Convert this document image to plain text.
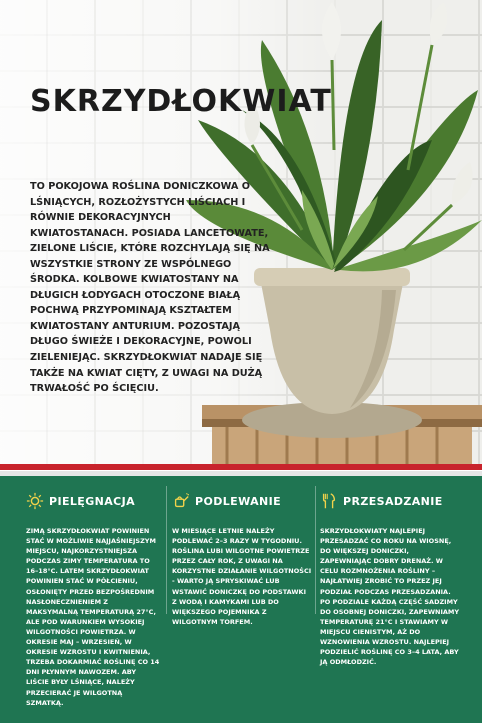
SKRZYDŁOKWIAT

TO POKOJOWA ROŚLINA DONICZKOWA O LŚNIĄCYCH, ROZŁOŻYSTYCH LIŚCIACH I RÓWNIE DEKORACYJNYCH KWIATOSTANACH. POSIADA LANCETOWATE, ZIELONE LIŚCIE, KTÓRE ROZCHYLAJĄ SIĘ NA WSZYSTKIE STRONY ZE WSPÓLNEGO ŚRODKA. KOLBOWE KWIATOSTANY NA DŁUGICH ŁODYGACH OTOCZONE BIAŁĄ POCHWĄ PRZYPOMINAJĄ KSZTAŁTEM KWIATOSTANY ANTURIUM. POZOSTAJĄ DŁUGO ŚWIEŻE I DEKORACYJNE, POWOLI ZIELENIEJĄC. SKRZYDŁOKWIAT NADAJE SIĘ TAKŻE NA KWIAT CIĘTY, Z UWAGI NA DUŻĄ TRWAŁOŚĆ PO ŚCIĘCIU.

PIELĘGNACJA

ZIMĄ SKRZYDŁOKWIAT POWINIEN STAĆ W MOŻLIWIE NAJJAŚNIEJSZYM MIEJSCU, NAJKORZYSTNIEJSZA PODCZAS ZIMY TEMPERATURA TO 16–18°C. LATEM SKRZYDŁOKWIAT POWINIEN STAĆ W PÓŁCIENIU, OSŁONIĘTY PRZED BEZPOŚREDNIM NASŁONECZNIENIEM Z MAKSYMALNĄ TEMPERATURĄ 27°C, ALE POD WARUNKIEM WYSOKIEJ WILGOTNOŚCI POWIETRZA. W OKRESIE MAJ – WRZESIEŃ, W OKRESIE WZROSTU I KWITNIENIA, TRZEBA DOKARMIAĆ ROŚLINĘ CO 14 DNI PŁYNNYM NAWOZEM. ABY LIŚCIE BYŁY LŚNIĄCE, NALEŻY PRZECIERAĆ JE WILGOTNĄ SZMATKĄ.

PODLEWANIE

W MIESIĄCE LETNIE NALEŻY PODLEWAĆ 2–3 RAZY W TYGODNIU. ROŚLINA LUBI WILGOTNE POWIETRZE PRZEZ CAŁY ROK, Z UWAGI NA KORZYSTNE DZIAŁANIE WILGOTNOŚCI - WARTO JĄ SPRYSKIWAĆ LUB WSTAWIĆ DONICZKĘ DO PODSTAWKI Z WODĄ I KAMYKAMI LUB DO WIĘKSZEGO POJEMNIKA Z WILGOTNYM TORFEM.

PRZESADZANIE

SKRZYDŁOKWIATY NAJLEPIEJ PRZESADZAĆ CO ROKU NA WIOSNĘ, DO WIĘKSZEJ DONICZKI, ZAPEWNIAJĄC DOBRY DRENAŻ. W CELU ROZMNOŻENIA ROŚLINY – NAJŁATWIEJ ZROBIĆ TO PRZEZ JEJ PODZIAŁ PODCZAS PRZESADZANIA. PO PODZIALE KAŻDĄ CZĘŚĆ SADZIMY DO OSOBNEJ DONICZKI, ZAPEWNIAMY TEMPERATURĘ 21°C I STAWIAMY W MIEJSCU CIENISTYM, AŻ DO WZNOWIENIA WZROSTU. NAJLEPIEJ PODZIELIĆ ROŚLINĘ CO 3–4 LATA, ABY JĄ ODMŁODZIĆ.
